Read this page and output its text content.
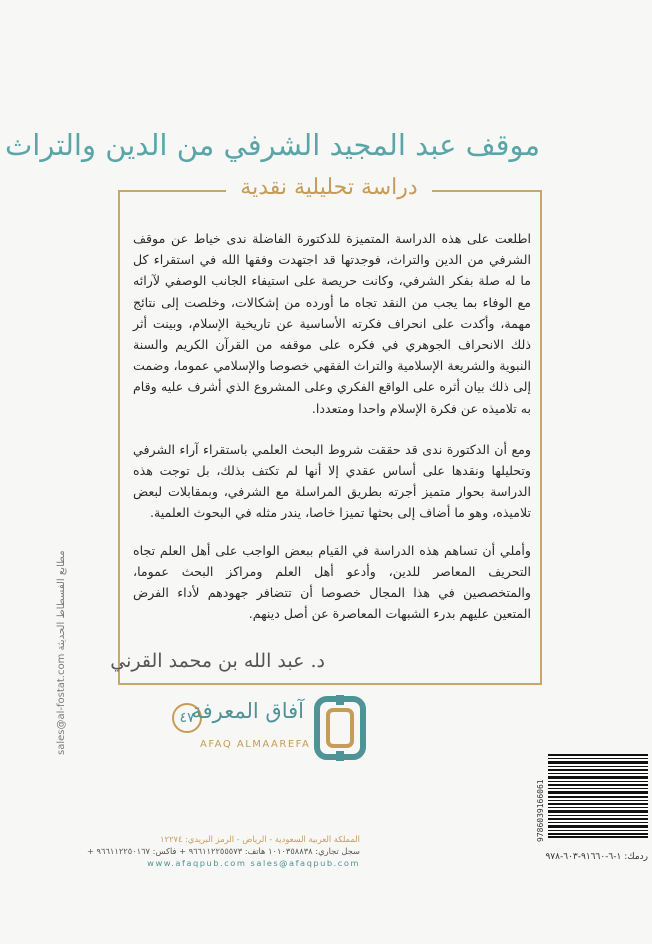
موقف عبد المجيد الشرفي من الدين والتراث
دراسة تحليلية نقدية

اطلعت على هذه الدراسة المتميزة للدكتورة الفاضلة ندى خياط عن موقف الشرفي من الدين والتراث، فوجدتها قد اجتهدت وفقها الله في استقراء كل ما له صلة بفكر الشرفي، وكانت حريصة على استيفاء الجانب الوصفي لآرائه مع الوفاء بما يجب من النقد تجاه ما أورده من إشكالات، وخلصت إلى نتائج مهمة، وأكدت على انحراف فكرته الأساسية عن تاريخية الإسلام، وبينت أثر ذلك الانحراف الجوهري في فكره على موقفه من القرآن الكريم والسنة النبوية والشريعة الإسلامية والتراث الفقهي خصوصا والإسلامي عموما، وضمت إلى ذلك بيان أثره على الواقع الفكري وعلى المشروع الذي أشرف عليه وقام به تلاميذه عن فكرة الإسلام واحدا ومتعددا.

ومع أن الدكتورة ندى قد حققت شروط البحث العلمي باستقراء آراء الشرفي وتحليلها ونقدها على أساس عقدي إلا أنها لم تكتف بذلك، بل توجت هذه الدراسة بحوار متميز أجرته بطريق المراسلة مع الشرفي، وبمقابلات لبعض تلاميذه، وهو ما أضاف إلى بحثها تميزا خاصا، يندر مثله في البحوث العلمية.

وأملي أن تساهم هذه الدراسة في القيام ببعض الواجب على أهل العلم تجاه التحريف المعاصر للدين، وأدعو أهل العلم ومراكز البحث عموما، والمتخصصين في هذا المجال خصوصا أن تتضافر جهودهم لأداء الفرض المتعين عليهم بدرء الشبهات المعاصرة عن أصل دينهم.

د. عبد الله بن محمد القرني
sales@al-fostat.com مطابع الفسطاط الحديثة
٤٧
آفاق المعرفة
AFAQ ALMAAREFA
9786039166061
المملكة العربية السعودية - الرياض - الرمز البريدي: ١٢٢٧٤
سجل تجاري: ١٠١٠٣٥٨٨٣٨ هاتف: ٩٦٦١١٢٢٥٥٥٧٣ + فاكس: ٩٦٦١١٢٢٥٠١٦٧ +
www.afaqpub.com sales@afaqpub.com
ردمك: ١-٦-٩١٦٦٠-٦٠٣-٩٧٨
